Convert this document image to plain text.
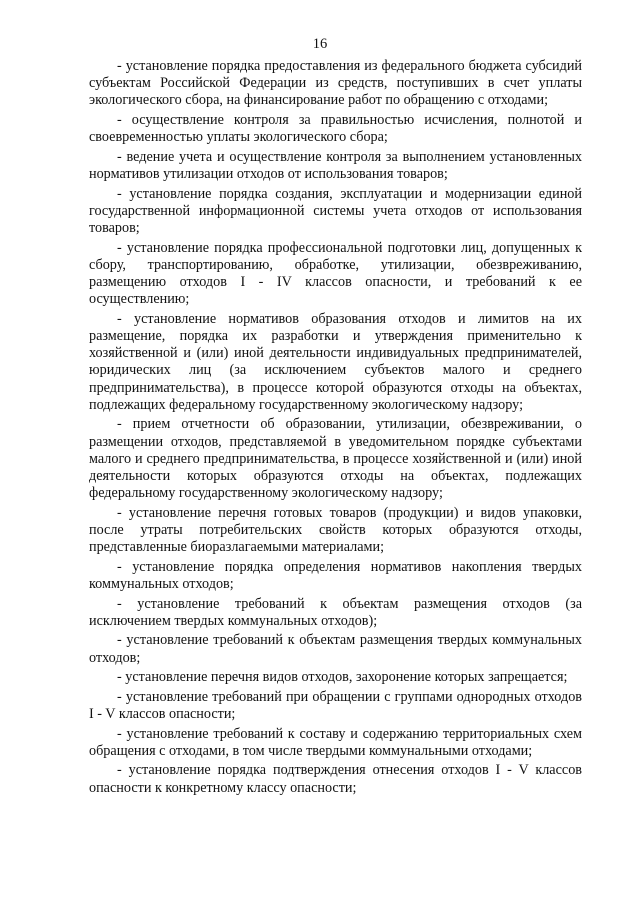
16

- установление порядка предоставления из федерального бюджета субсидий субъектам Российской Федерации из средств, поступивших в счет уплаты экологического сбора, на финансирование работ по обращению с отходами;

- осуществление контроля за правильностью исчисления, полнотой и своевременностью уплаты экологического сбора;

- ведение учета и осуществление контроля за выполнением установленных нормативов утилизации отходов от использования товаров;

- установление порядка создания, эксплуатации и модернизации единой государственной информационной системы учета отходов от использования товаров;

- установление порядка профессиональной подготовки лиц, допущенных к сбору, транспортированию, обработке, утилизации, обезвреживанию, размещению отходов I - IV классов опасности, и требований к ее осуществлению;

- установление нормативов образования отходов и лимитов на их размещение, порядка их разработки и утверждения применительно к хозяйственной и (или) иной деятельности индивидуальных предпринимателей, юридических лиц (за исключением субъектов малого и среднего предпринимательства), в процессе которой образуются отходы на объектах, подлежащих федеральному государственному экологическому надзору;

- прием отчетности об образовании, утилизации, обезвреживании, о размещении отходов, представляемой в уведомительном порядке субъектами малого и среднего предпринимательства, в процессе хозяйственной и (или) иной деятельности которых образуются отходы на объектах, подлежащих федеральному государственному экологическому надзору;

- установление перечня готовых товаров (продукции) и видов упаковки, после утраты потребительских свойств которых образуются отходы, представленные биоразлагаемыми материалами;

- установление порядка определения нормативов накопления твердых коммунальных отходов;

- установление требований к объектам размещения отходов (за исключением твердых коммунальных отходов);

- установление требований к объектам размещения твердых коммунальных отходов;

- установление перечня видов отходов, захоронение которых запрещается;

- установление требований при обращении с группами однородных отходов I - V классов опасности;

- установление требований к составу и содержанию территориальных схем обращения с отходами, в том числе твердыми коммунальными отходами;

- установление порядка подтверждения отнесения отходов I - V классов опасности к конкретному классу опасности;
